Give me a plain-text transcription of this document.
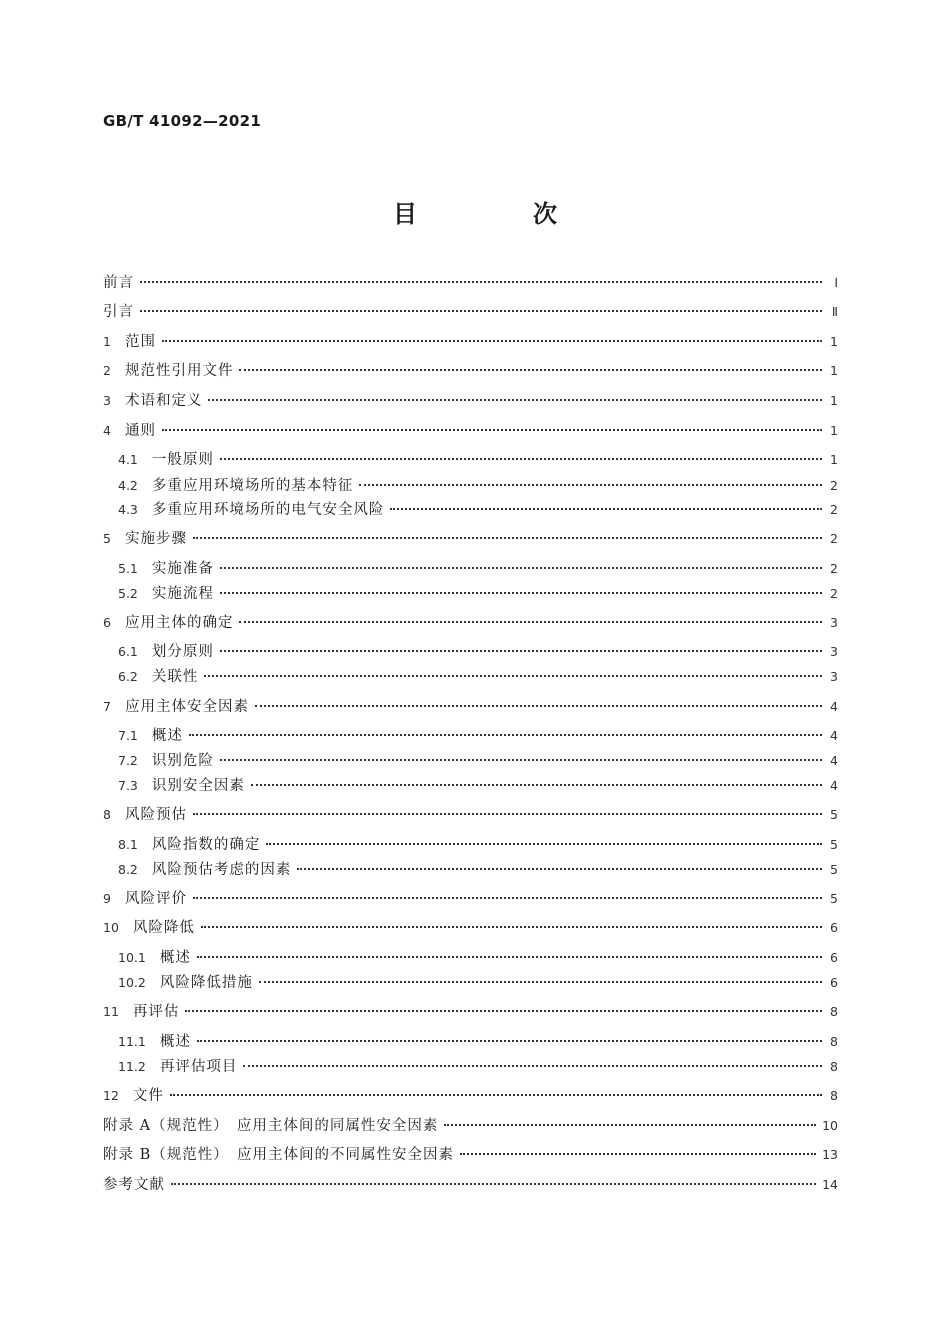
GB/T 41092—2021
目　次
前言	Ⅰ
引言	Ⅱ
1 范围	1
2 规范性引用文件	1
3 术语和定义	1
4 通则	1
4.1 一般原则	1
4.2 多重应用环境场所的基本特征	2
4.3 多重应用环境场所的电气安全风险	2
5 实施步骤	2
5.1 实施准备	2
5.2 实施流程	2
6 应用主体的确定	3
6.1 划分原则	3
6.2 关联性	3
7 应用主体安全因素	4
7.1 概述	4
7.2 识别危险	4
7.3 识别安全因素	4
8 风险预估	5
8.1 风险指数的确定	5
8.2 风险预估考虑的因素	5
9 风险评价	5
10 风险降低	6
10.1 概述	6
10.2 风险降低措施	6
11 再评估	8
11.1 概述	8
11.2 再评估项目	8
12 文件	8
附录 A（规范性）　应用主体间的同属性安全因素	10
附录 B（规范性）　应用主体间的不同属性安全因素	13
参考文献	14
